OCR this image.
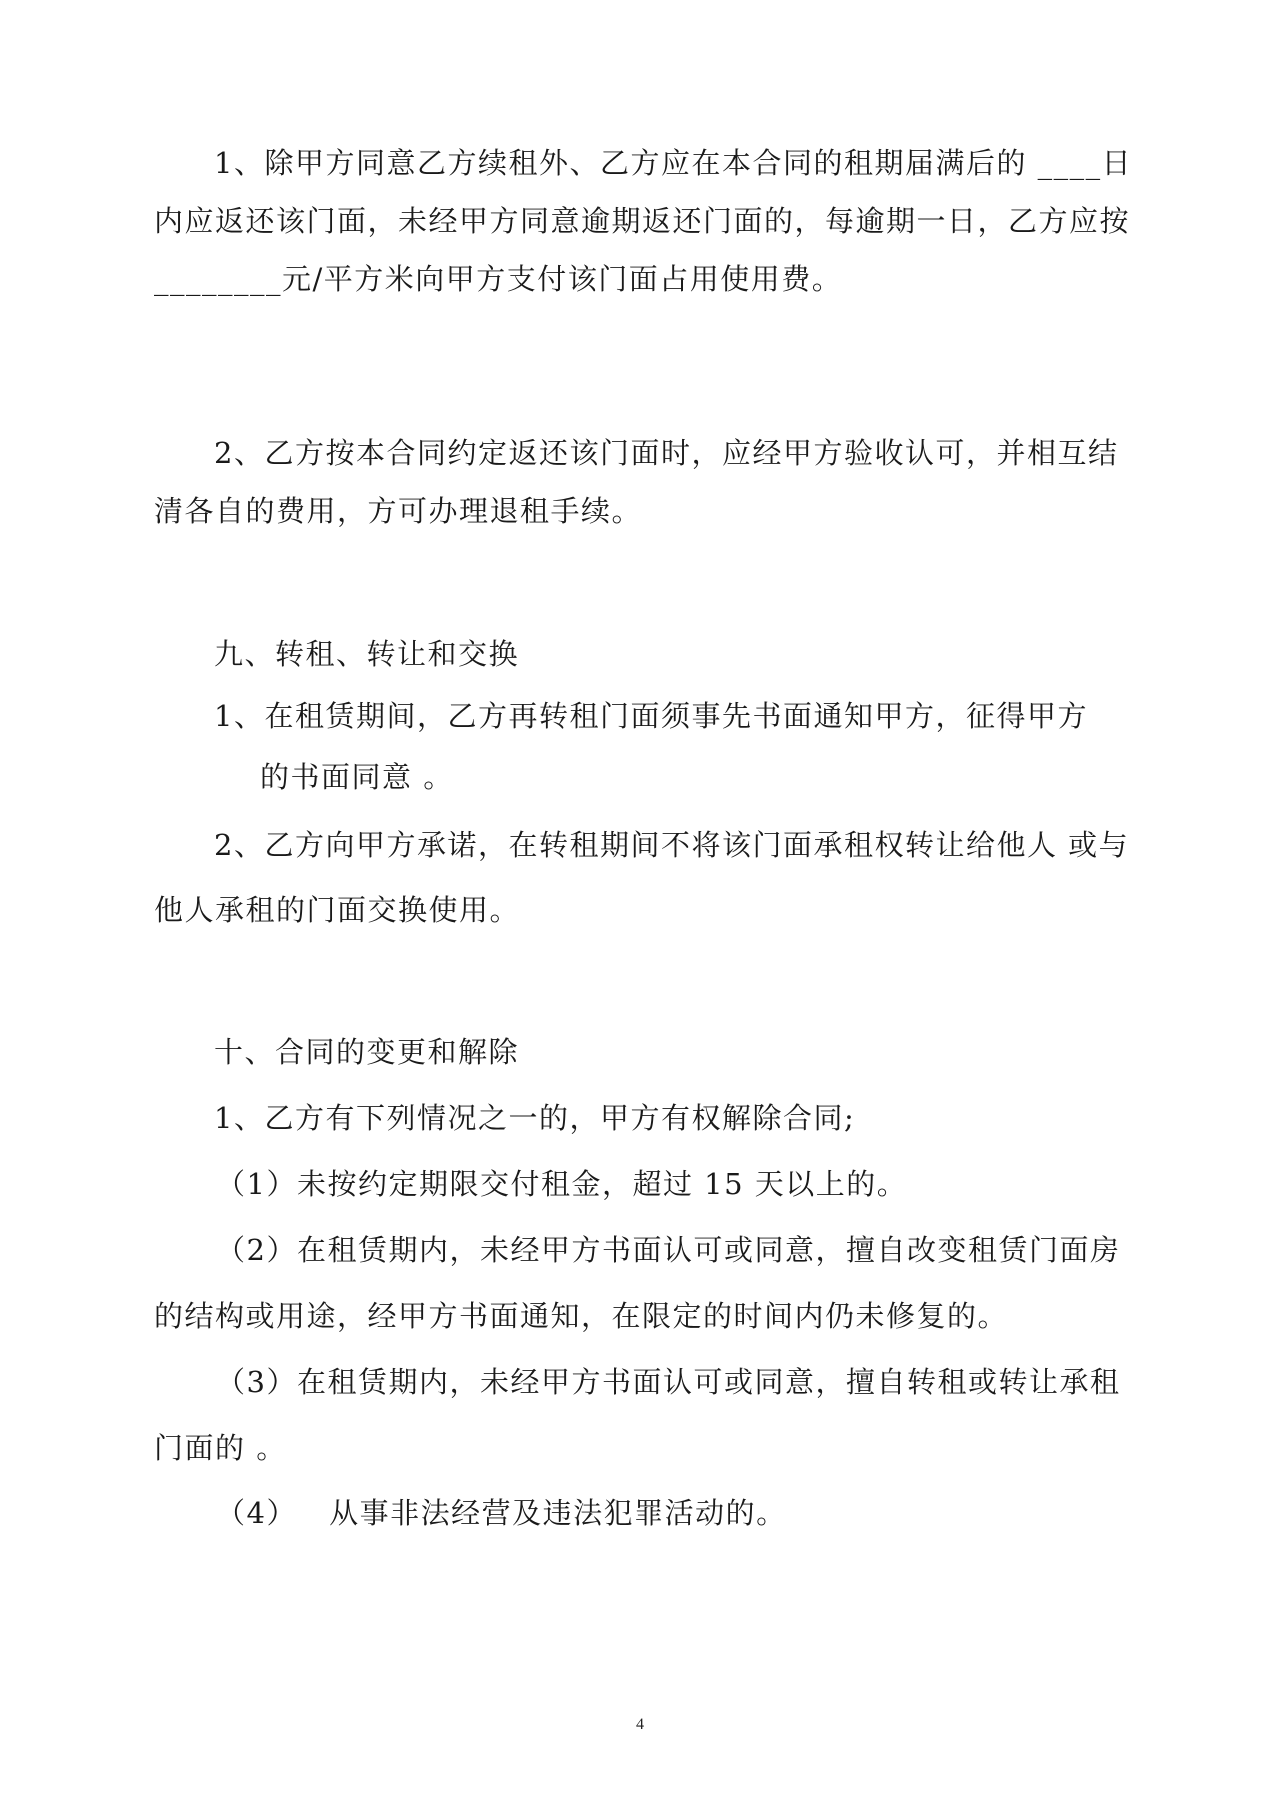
1、除甲方同意乙方续租外、乙方应在本合同的租期届满后的 ____日
内应返还该门面，未经甲方同意逾期返还门面的，每逾期一日，乙方应按
________元/平方米向甲方支付该门面占用使用费。
2、乙方按本合同约定返还该门面时，应经甲方验收认可，并相互结
清各自的费用，方可办理退租手续。
九、转租、转让和交换
1、在租赁期间，乙方再转租门面须事先书面通知甲方，征得甲方
的书面同意 。
2、乙方向甲方承诺，在转租期间不将该门面承租权转让给他人 或与
他人承租的门面交换使用。
十、合同的变更和解除
1、乙方有下列情况之一的，甲方有权解除合同;
（1）未按约定期限交付租金，超过 15 天以上的。
（2）在租赁期内，未经甲方书面认可或同意，擅自改变租赁门面房
的结构或用途，经甲方书面通知，在限定的时间内仍未修复的。
（3）在租赁期内，未经甲方书面认可或同意，擅自转租或转让承租
门面的 。
（4）   从事非法经营及违法犯罪活动的。
4
